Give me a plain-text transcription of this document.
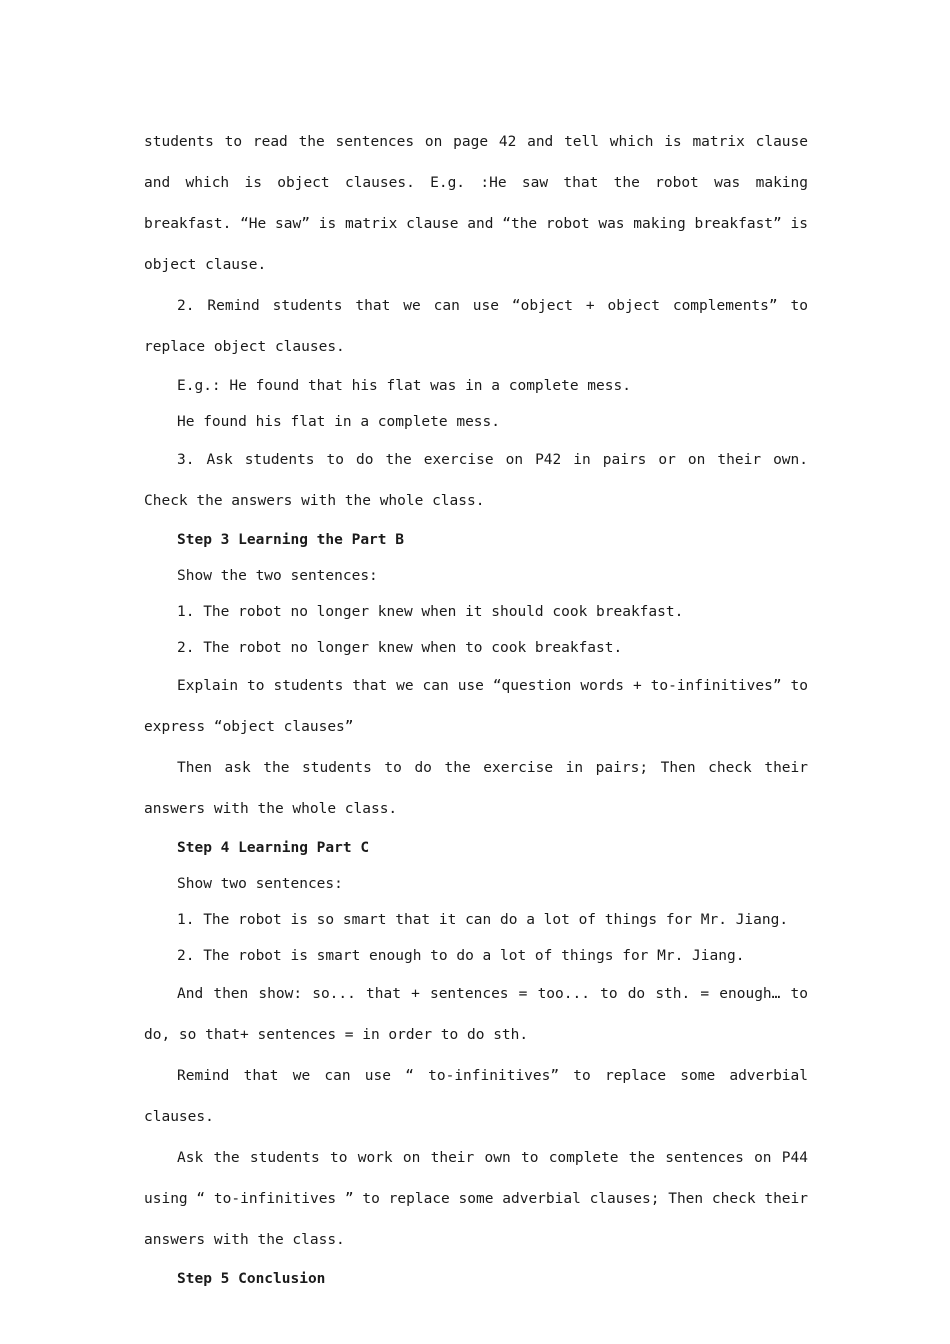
students to read the sentences on page 42 and tell which is matrix clause and which is object clauses. E.g. :He saw that the robot was making breakfast. “He saw” is matrix clause and “the robot was making breakfast” is object clause.

2. Remind students that we can use “object + object complements” to replace object clauses.

E.g.: He found that his flat was in a complete mess.

He found his flat in a complete mess.

3. Ask students to do the exercise on P42 in pairs or on their own. Check the answers with the whole class.

Step 3 Learning the Part B

Show the two sentences:

1. The robot no longer knew when it should cook breakfast.

2. The robot no longer knew when to cook breakfast.

Explain to students that we can use “question words + to-infinitives” to express “object clauses”

Then ask the students to do the exercise in pairs; Then check their answers with the whole class.

Step 4 Learning Part C

Show two sentences:

1. The robot is so smart that it can do a lot of things for Mr. Jiang.

2. The robot is smart enough to do a lot of things for Mr. Jiang.

And then show: so... that + sentences = too... to do sth. = enough… to do, so that+ sentences = in order to do sth.

Remind that we can use “ to-infinitives” to replace some adverbial clauses.

Ask the students to work on their own to complete the sentences on P44 using “ to-infinitives ” to replace some adverbial clauses; Then check their answers with the class.

Step 5 Conclusion
